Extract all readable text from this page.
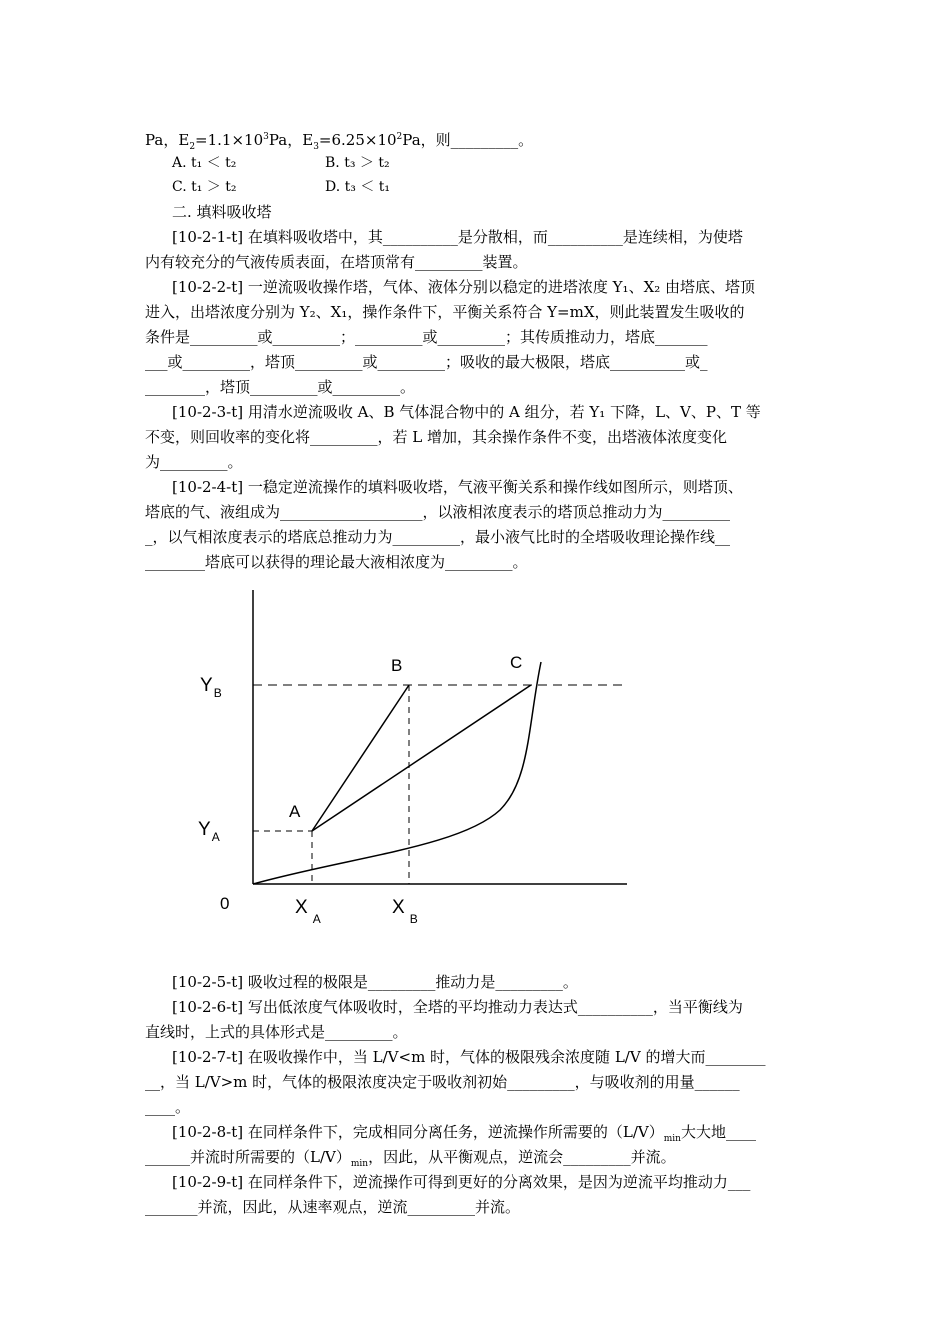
Pa，$E_2=1.1\times 10^3Pa$，$E_3=6.25\times 10^2Pa$，则_________。
A. t₁ ＜ t₂	B. t₃ ＞ t₂
C. t₁ ＞ t₂	D. t₃ ＜ t₁
二. 填料吸收塔
[10-2-1-t] 在填料吸收塔中，其__________是分散相，而__________是连续相，为使塔
内有较充分的气液传质表面，在塔顶常有_________装置。
[10-2-2-t] 一逆流吸收操作塔，气体、液体分别以稳定的进塔浓度 Y₁、X₂ 由塔底、塔顶
进入，出塔浓度分别为 Y₂、X₁，操作条件下，平衡关系符合 Y=mX，则此装置发生吸收的
条件是_________或_________；_________或_________；其传质推动力，塔底_______
___或_________，塔顶_________或_________；吸收的最大极限，塔底__________或_
________，塔顶_________或_________。
[10-2-3-t] 用清水逆流吸收 A、B 气体混合物中的 A 组分，若 Y₁ 下降，L、V、P、T 等
不变，则回收率的变化将_________，若 L 增加，其余操作条件不变，出塔液体浓度变化
为_________。
[10-2-4-t] 一稳定逆流操作的填料吸收塔，气液平衡关系和操作线如图所示，则塔顶、
塔底的气、液组成为___________________，以液相浓度表示的塔顶总推动力为_________
_，以气相浓度表示的塔底总推动力为_________，最小液气比时的全塔吸收理论操作线__
________塔底可以获得的理论最大液相浓度为_________。
$Y_B$
$Y_A$
0	$X_A$
$X_B$
A
B	C
[10-2-5-t] 吸收过程的极限是_________推动力是_________。
[10-2-6-t] 写出低浓度气体吸收时，全塔的平均推动力表达式__________，当平衡线为
直线时，上式的具体形式是_________。
[10-2-7-t] 在吸收操作中，当 L/V<m 时，气体的极限残余浓度随 L/V 的增大而________
__，当 L/V>m 时，气体的极限浓度决定于吸收剂初始_________，与吸收剂的用量______
____。
[10-2-8-t] 在同样条件下，完成相同分离任务，逆流操作所需要的$(L/V)_{min}$大大地____
______并流时所需要的$(L/V)_{min}$，因此，从平衡观点，逆流会_________并流。
[10-2-9-t] 在同样条件下，逆流操作可得到更好的分离效果，是因为逆流平均推动力___
_______并流，因此，从速率观点，逆流_________并流。
